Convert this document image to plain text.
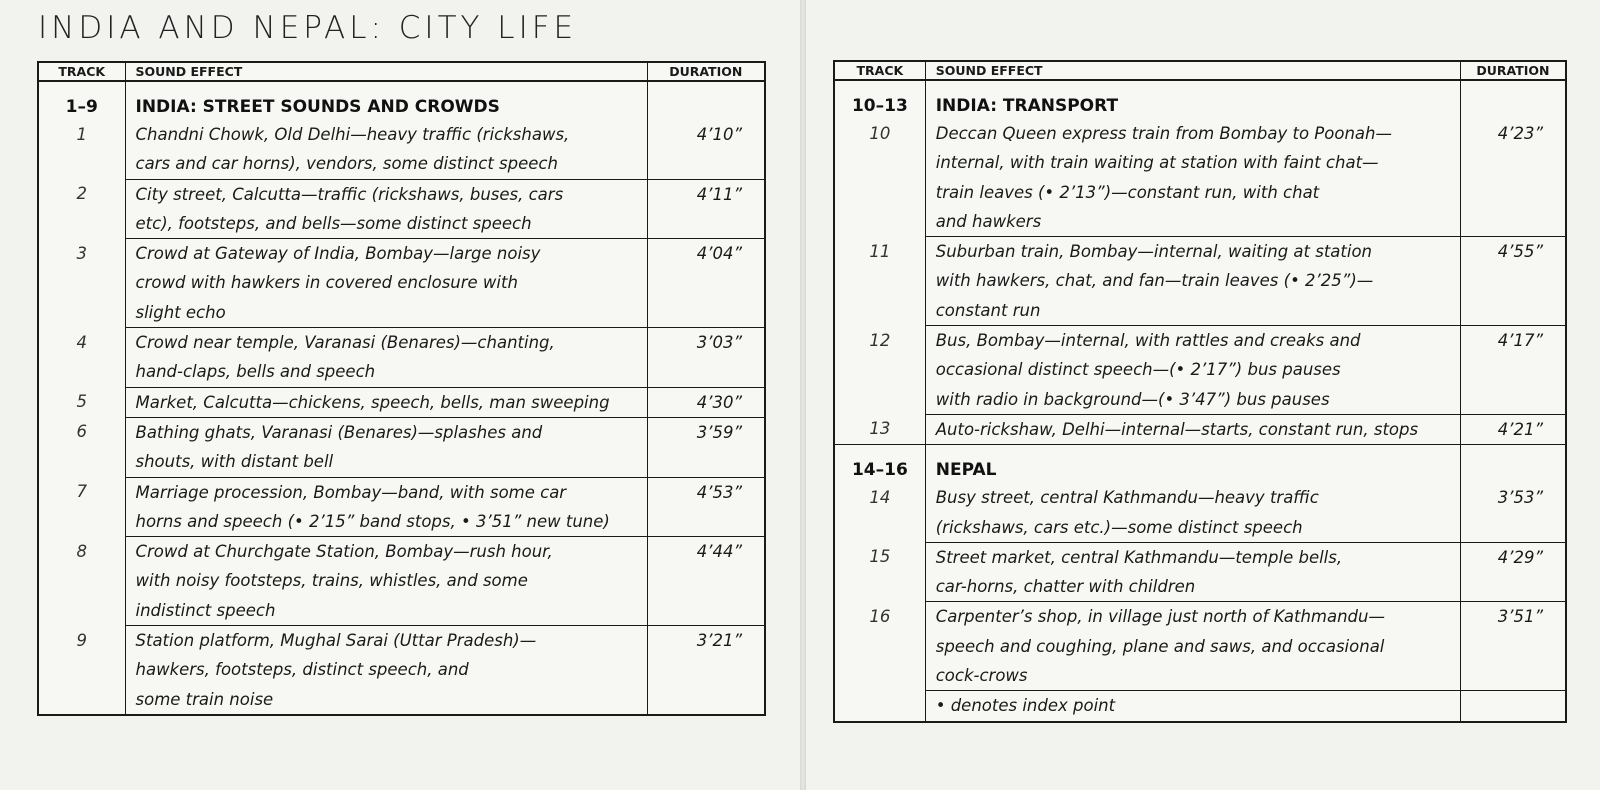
INDIA AND NEPAL: CITY LIFE
TRACK	SOUND EFFECT	DURATION
1–9	INDIA: STREET SOUNDS AND CROWDS	
1	Chandni Chowk, Old Delhi—heavy traffic (rickshaws,
cars and car horns), vendors, some distinct speech	4’10”
2	City street, Calcutta—traffic (rickshaws, buses, cars
etc), footsteps, and bells—some distinct speech	4’11”
3	Crowd at Gateway of India, Bombay—large noisy
crowd with hawkers in covered enclosure with
slight echo	4’04”
4	Crowd near temple, Varanasi (Benares)—chanting,
hand-claps, bells and speech	3’03”
5	Market, Calcutta—chickens, speech, bells, man sweeping	4’30”
6	Bathing ghats, Varanasi (Benares)—splashes and
shouts, with distant bell	3’59”
7	Marriage procession, Bombay—band, with some car
horns and speech (• 2’15” band stops, • 3’51” new tune)	4’53”
8	Crowd at Churchgate Station, Bombay—rush hour,
with noisy footsteps, trains, whistles, and some
indistinct speech	4’44”
9	Station platform, Mughal Sarai (Uttar Pradesh)—
hawkers, footsteps, distinct speech, and
some train noise	3’21”
TRACK	SOUND EFFECT	DURATION
10–13	INDIA: TRANSPORT	
10	Deccan Queen express train from Bombay to Poonah—
internal, with train waiting at station with faint chat—
train leaves (• 2’13”)—constant run, with chat
and hawkers	4’23”
11	Suburban train, Bombay—internal, waiting at station
with hawkers, chat, and fan—train leaves (• 2’25”)—
constant run	4’55”
12	Bus, Bombay—internal, with rattles and creaks and
occasional distinct speech—(• 2’17”) bus pauses
with radio in background—(• 3’47”) bus pauses	4’17”
13	Auto-rickshaw, Delhi—internal—starts, constant run, stops	4’21”
14–16	NEPAL	
14	Busy street, central Kathmandu—heavy traffic
(rickshaws, cars etc.)—some distinct speech	3’53”
15	Street market, central Kathmandu—temple bells,
car-horns, chatter with children	4’29”
16	Carpenter’s shop, in village just north of Kathmandu—
speech and coughing, plane and saws, and occasional
cock-crows	3’51”
	• denotes index point	
